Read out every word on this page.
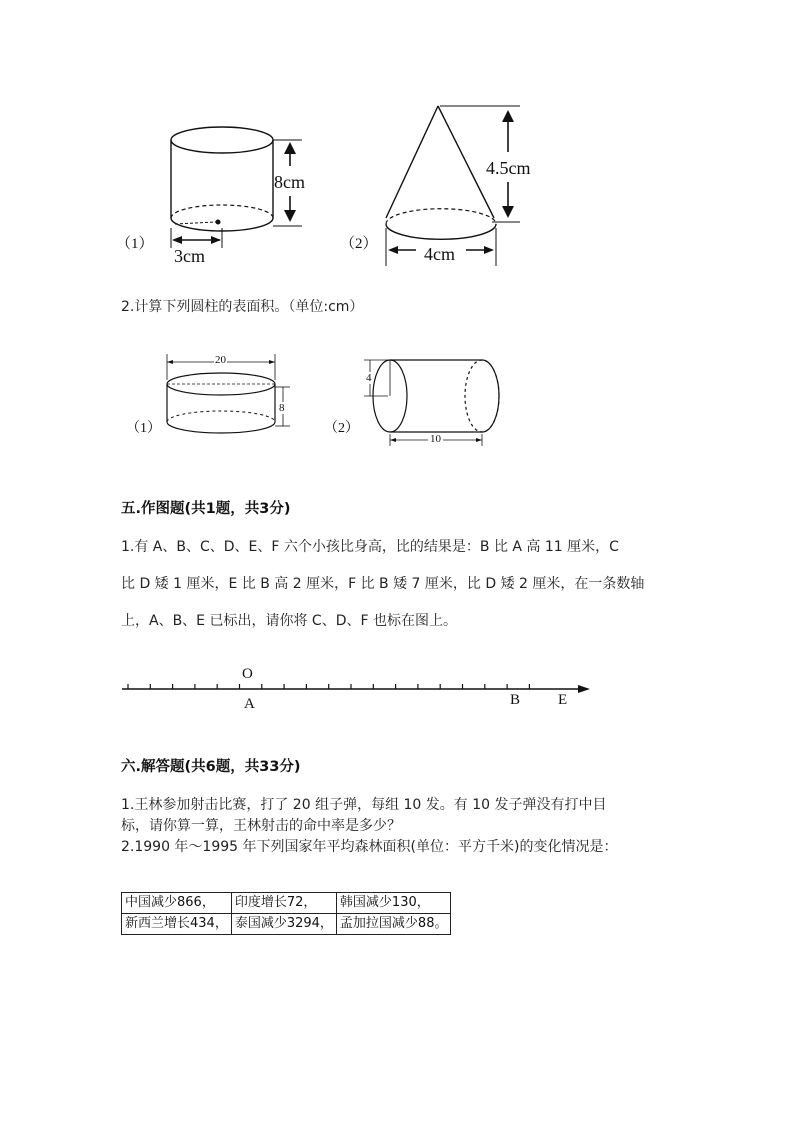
（1）
8cm
3cm
（2）
4.5cm
4cm
2.计算下列圆柱的表面积。（单位:cm）
（1）
20
8
（2）
4
10
五.作图题(共1题，共3分)
1.有 A、B、C、D、E、F 六个小孩比身高，比的结果是：B 比 A 高 11 厘米，C
比 D 矮 1 厘米，E 比 B 高 2 厘米，F 比 B 矮 7 厘米，比 D 矮 2 厘米，在一条数轴
上，A、B、E 已标出，请你将 C、D、F 也标在图上。
O
A	B	E
六.解答题(共6题，共33分)
1.王林参加射击比赛，打了 20 组子弹，每组 10 发。有 10 发子弹没有打中目
标，请你算一算，王林射击的命中率是多少？
2.1990 年～1995 年下列国家年平均森林面积(单位：平方千米)的变化情况是：
中国减少866，	印度增长72，	韩国减少130，
新西兰增长434，	泰国减少3294，	孟加拉国减少88。
